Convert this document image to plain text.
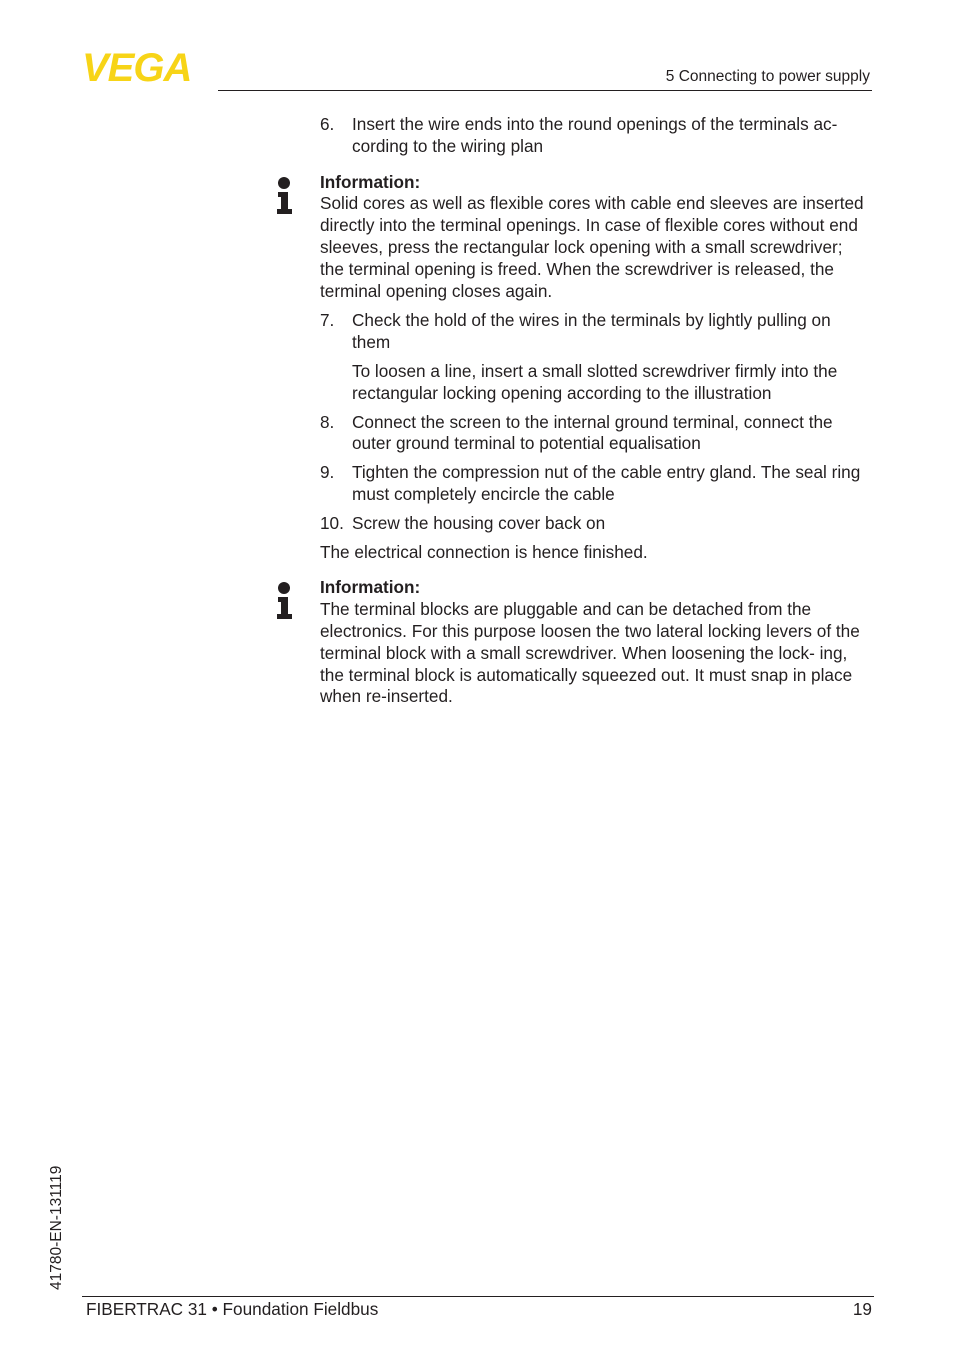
VEGA	5 Connecting to power supply
6. Insert the wire ends into the round openings of the terminals ac- cording to the wiring plan
Information:
Solid cores as well as flexible cores with cable end sleeves are inserted directly into the terminal openings. In case of flexible cores without end sleeves, press the rectangular lock opening with a small screwdriver; the terminal opening is freed. When the screwdriver is released, the terminal opening closes again.
7. Check the hold of the wires in the terminals by lightly pulling on them
To loosen a line, insert a small slotted screwdriver firmly into the rectangular locking opening according to the illustration
8. Connect the screen to the internal ground terminal, connect the outer ground terminal to potential equalisation
9. Tighten the compression nut of the cable entry gland. The seal ring must completely encircle the cable
10. Screw the housing cover back on
The electrical connection is hence finished.
Information:
The terminal blocks are pluggable and can be detached from the electronics. For this purpose loosen the two lateral locking levers of the terminal block with a small screwdriver. When loosening the lock- ing, the terminal block is automatically squeezed out. It must snap in place when re-inserted.
41780-EN-131119
FIBERTRAC 31 • Foundation Fieldbus	19
